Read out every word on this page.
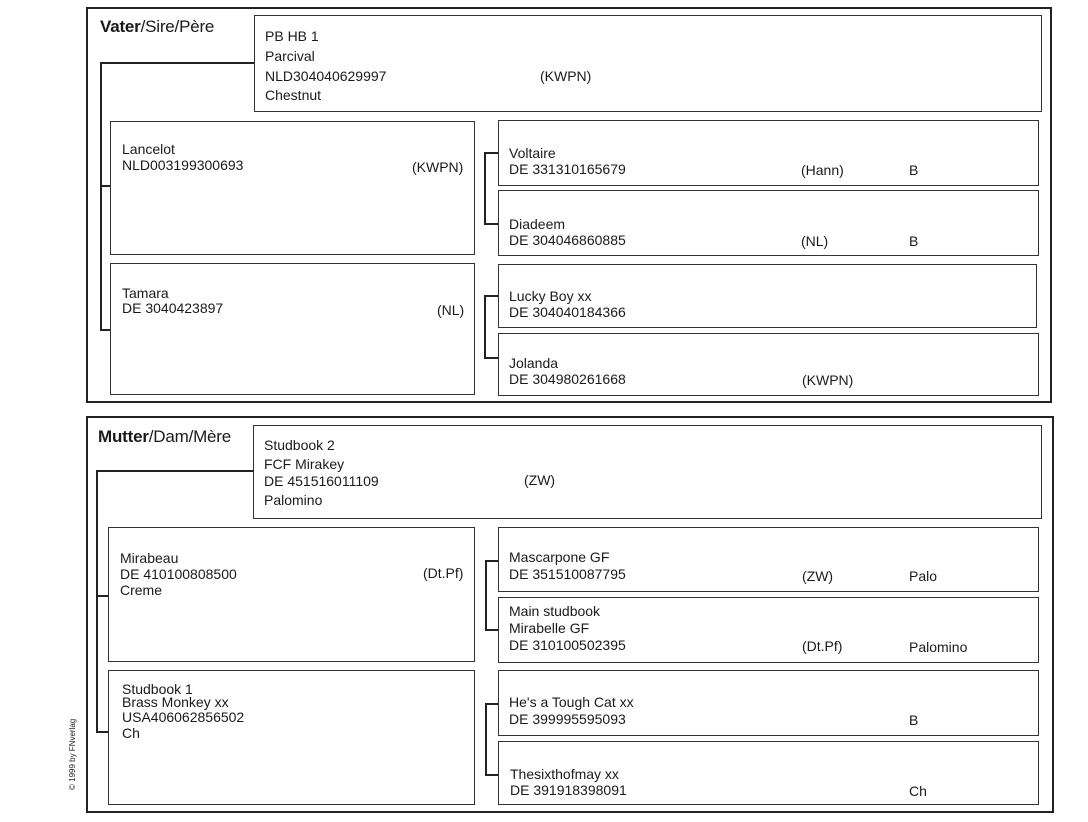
Vater/Sire/Père	PB HB 1
Parcival
NLD304040629997	(KWPN)
Chestnut
Lancelot
NLD003199300693	(KWPN)
Tamara
DE 3040423897	(NL)
Voltaire
DE 331310165679	(Hann)	B
Diadeem
DE 304046860885	(NL)	B
Lucky Boy xx
DE 304040184366
Jolanda
DE 304980261668	(KWPN)
Mutter/Dam/Mère Studbook 2
FCF Mirakey
DE 451516011109	(ZW)
Palomino
Mirabeau
DE 410100808500
Creme
(Dt.Pf)
Studbook 1
Brass Monkey xx
USA406062856502
Ch
Mascarpone GF
DE 351510087795	(ZW)	Palo
Main studbook
Mirabelle GF
DE 310100502395	(Dt.Pf)	Palomino
He's a Tough Cat xx
DE 399995595093	B
Thesixthofmay xx
DE 391918398091	Ch
© 1999 by FNverlag
